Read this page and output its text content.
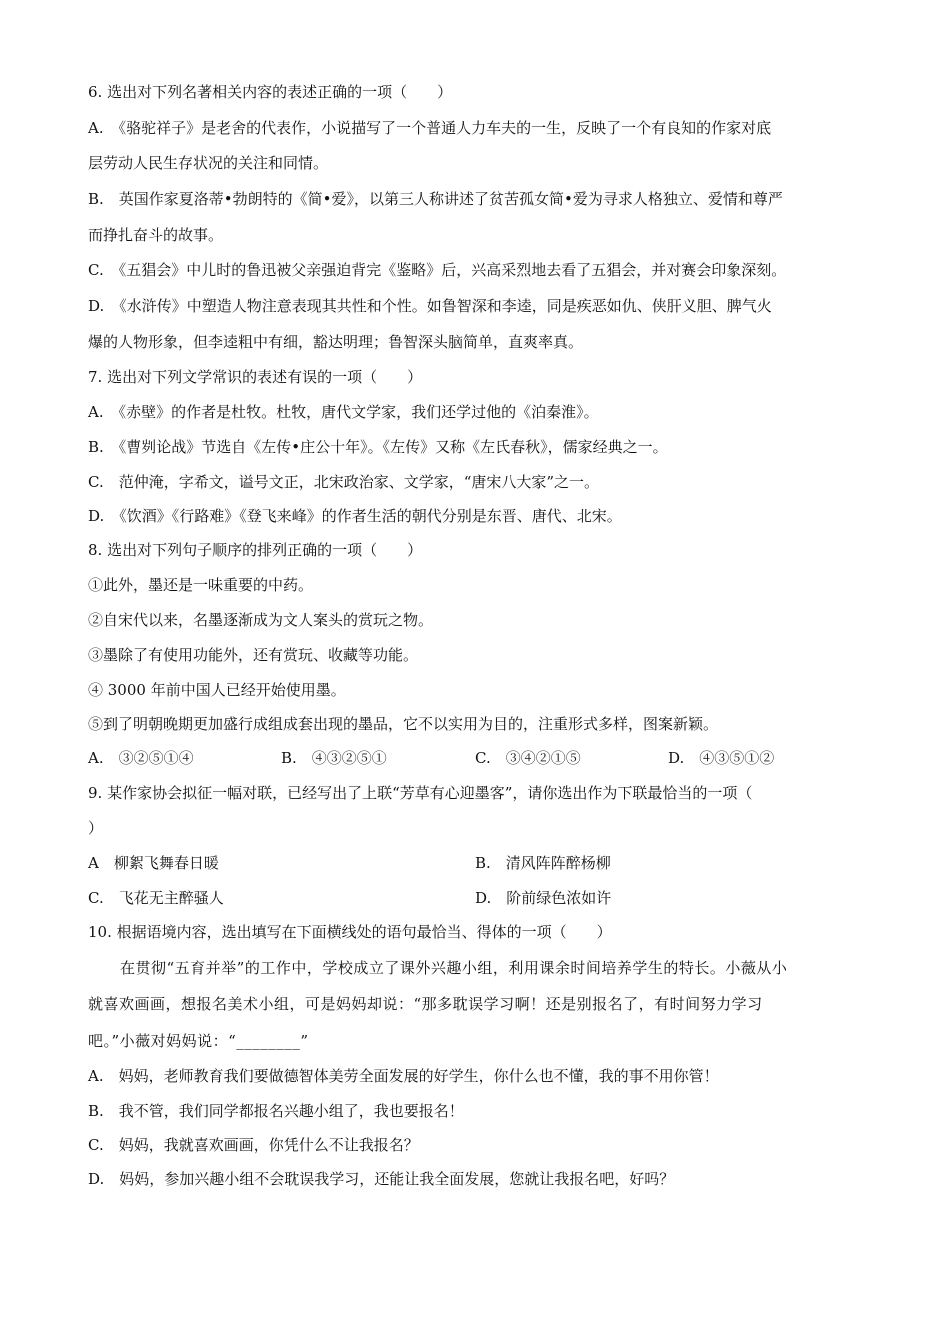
6. 选出对下列名著相关内容的表述正确的一项（　　）
A.　《骆驼祥子》是老舍的代表作，小说描写了一个普通人力车夫的一生，反映了一个有良知的作家对底
层劳动人民生存状况的关注和同情。
B.　英国作家夏洛蒂•勃朗特的《简•爱》，以第三人称讲述了贫苦孤女简•爱为寻求人格独立、爱情和尊严
而挣扎奋斗的故事。
C.　《五猖会》中儿时的鲁迅被父亲强迫背完《鉴略》后，兴高采烈地去看了五猖会，并对赛会印象深刻。
D.　《水浒传》中塑造人物注意表现其共性和个性。如鲁智深和李逵，同是疾恶如仇、侠肝义胆、脾气火
爆的人物形象，但李逵粗中有细，豁达明理；鲁智深头脑简单，直爽率真。
7. 选出对下列文学常识的表述有误的一项（　　）
A.　《赤壁》的作者是杜牧。杜牧，唐代文学家，我们还学过他的《泊秦淮》。
B.　《曹刿论战》节选自《左传•庄公十年》。《左传》又称《左氏春秋》，儒家经典之一。
C.　范仲淹，字希文，谥号文正，北宋政治家、文学家，“唐宋八大家”之一。
D.　《饮酒》《行路难》《登飞来峰》的作者生活的朝代分别是东晋、唐代、北宋。
8. 选出对下列句子顺序的排列正确的一项（　　）
①此外，墨还是一味重要的中药。
②自宋代以来，名墨逐渐成为文人案头的赏玩之物。
③墨除了有使用功能外，还有赏玩、收藏等功能。
④ 3000 年前中国人已经开始使用墨。
⑤到了明朝晚期更加盛行成组成套出现的墨品，它不以实用为目的，注重形式多样，图案新颖。
A.　③②⑤①④	B.　④③②⑤①	C.　③④②①⑤	D.　④③⑤①②
9. 某作家协会拟征一幅对联，已经写出了上联“芳草有心迎墨客”，请你选出作为下联最恰当的一项（
）
A　柳絮飞舞春日暖	B.　清风阵阵醉杨柳
C.　飞花无主醉骚人	D.　阶前绿色浓如许
10. 根据语境内容，选出填写在下面横线处的语句最恰当、得体的一项（　　）
在贯彻“五育并举”的工作中，学校成立了课外兴趣小组，利用课余时间培养学生的特长。小薇从小
就喜欢画画，想报名美术小组，可是妈妈却说：“那多耽误学习啊！还是别报名了，有时间努力学习
吧。”小薇对妈妈说：“________”
A.　妈妈，老师教育我们要做德智体美劳全面发展的好学生，你什么也不懂，我的事不用你管！
B.　我不管，我们同学都报名兴趣小组了，我也要报名！
C.　妈妈，我就喜欢画画，你凭什么不让我报名？
D.　妈妈，参加兴趣小组不会耽误我学习，还能让我全面发展，您就让我报名吧，好吗？
